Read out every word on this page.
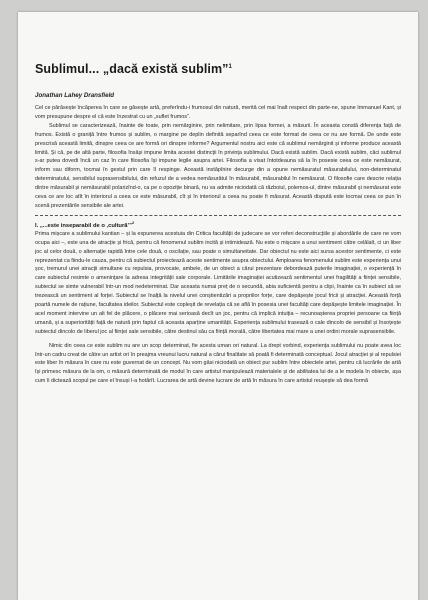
Sublimul... „dacă există sublim”$^1$

Jonathan Lahey Dransfield

Cel ce părăsește încăperea în care se găsește artă, preferîndu-i frumosul din natură, merită cel mai înalt respect din parte-ne, spune Immanuel Kant, și vom presupune despre el că este înzestrat cu un „suflet frumos”.

Sublimul se caracterizează, înainte de toate, prin nemărginire, prin nelimitare, prin lipsa formei, a măsurii. În aceasta constă diferența față de frumos. Există o graniță între frumos și sublim, o margine pe deplin definită separînd ceea ce este format de ceea ce nu are formă. De unde este prescrisă această limită, dinspre ceea ce are formă ori dinspre informe? Argumentul nostru aici este că sublimul nemărginit și informe produce această limită. Și că, pe de altă parte, filosofia însăși impune limita acestei distincții în privința sublimului. Dacă există sublim. Dacă există sublim, căci sublimul s-ar putea dovedi încă un caz în care filosofia își impune legile asupra artei. Filosofia a visat întotdeauna să la în posesie ceea ce este nemăsurat, inform sau diform, tocmai în gestul prin care îl respinge. Această instăpînire decurge din a opune nemăsuratul măsurabilului, non-determinatul determinatului, sensibilul suprasensibilului, din refuzul de a vedea nemăsurătul în măsurabil, măsurabilul în nemăsurat. O filosofie care descrie relația dintre măsurabil și nemăsurabil polarizînd-o, ca pe o opoziție binară, nu va admite niciodată că războiul, polemos-ul, dintre măsurabil și nemăsurat este ceva ce are loc atît în interiorul a ceea ce este măsurabil, cît și în interiorul a ceea nu poate fi măsurat. Această dispută este tocmai ceea ce pun în scenă prezentările sensibile ale artei.

I. „...este inseparabil de o ‚cultură’”$^2$

Prima mișcare a sublimului kantian – și la expunerea acestuia din Critica facultății de judecare se vor referi deconstrucțiile și abordările de care ne vom ocupa aici –, este una de atracție și frică, pentru că fenomenul sublim incită și intimidează. Nu este o mișcare a unui sentiment către celălalt, ci un liber joc al celor două, o alternație rapidă între cele două, o oscilație, sau poate o simultaneitate. Dar obiectul nu este aici sursa acestor sentimente, ci este reprezentat ca fiindu-le cauza, pentru că subiectul proiectează aceste sentimente asupra obiectului. Amploarea fenomenului sublim este experiența unui șoc, tremurul unei atracții simultane cu repulsia, provocate, ambele, de un obiect a cărui prezentare debordează puterile imaginației, o experiență în care subiectul resimte o amenințare la adresa integrității sale corporale. Limitările imaginației acutizează sentimentul unei fragilități a ființei sensibile, subiectul se simte vulnerabil într-un mod nedeterminat. Dar aceasta numai preț de o secundă, abia suficientă pentru a clipi, înainte ca în subiect să se trezească un sentiment al forței. Subiectul se înalță la nivelul unei conștientizări a propriilor forțe, care depășește jocul fricii și atracției. Această forță poartă numele de rațiune, facultatea ideilor. Subiectul este copleșit de revelația că se află în posesia unei facultăți care depășește limitele imaginației. În acel moment intervine un alt fel de plăcere, o plăcere mai serioasă decît un joc, pentru că implică intuiția – recunoașterea propriei persoane ca ființă umană, și a superiorității față de natură prin faptul că aceasta aparține umanității. Experiența sublimului trasează o cale dincolo de sensibil și însoțește subiectul dincolo de liberul joc al ființei sale sensibile, către destinul său ca ființă morală, către libertatea mai mare a unei ordini morale suprasensibile.

Nimic din ceea ce este sublim nu are un scop determinat, fie acesta uman ori natural. La drept vorbind, experiența sublimului nu poate avea loc într-un cadru creat de către un artist ori în preajma vreunui lucru natural a cărui finalitate să poată fi determinată conceptual. Jocul atracției și al repulsiei este liber în măsura în care nu este guvernat de un concept. Nu vom găsi niciodată un obiect pur sublim între obiectele artei, pentru că lucrările de artă își primesc măsura de la om, o măsură determinată de modul în care artistul manipulează materialele și de abilitatea lui de a le modela în obiecte, așa cum îi dictează scopul pe care el însuși l-a hotărît. Lucrarea de artă devine lucrare de artă în măsura în care artistul reușește să dea formă
